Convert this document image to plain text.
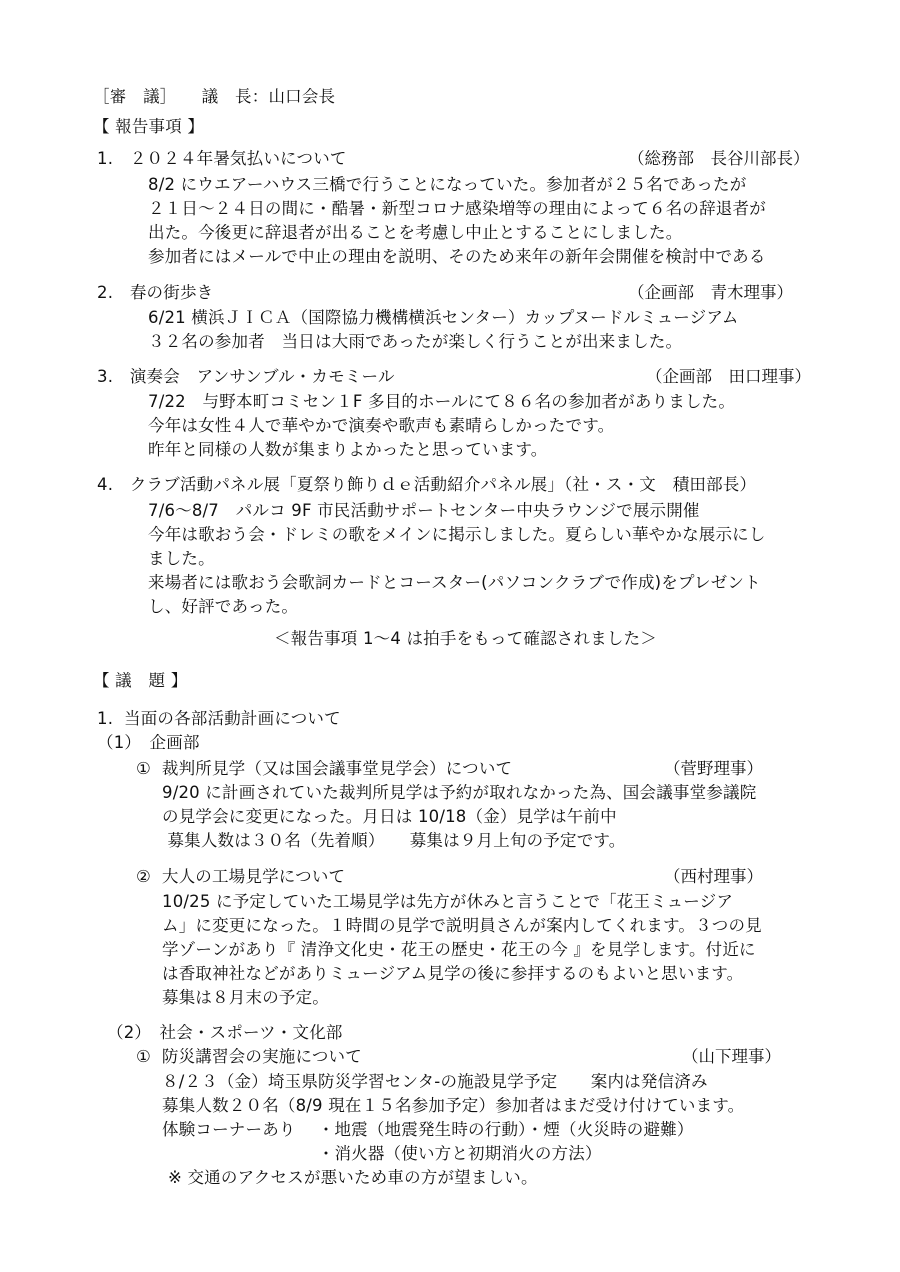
［審　議］　　議　長：山口会長
【 報告事項 】
1.　２０２４年暑気払いについて	（総務部　長谷川部長）
8/2 にウエアーハウス三橋で行うことになっていた。参加者が２５名であったが
２１日～２４日の間に・酷暑・新型コロナ感染増等の理由によって６名の辞退者が
出た。今後更に辞退者が出ることを考慮し中止とすることにしました。
参加者にはメールで中止の理由を説明、そのため来年の新年会開催を検討中である
2.　春の街歩き	（企画部　青木理事）
6/21 横浜ＪＩＣＡ（国際協力機構横浜センター）カップヌードルミュージアム
３２名の参加者　当日は大雨であったが楽しく行うことが出来ました。
3.　演奏会　アンサンブル・カモミール	（企画部　田口理事）
7/22　与野本町コミセン１F 多目的ホールにて８６名の参加者がありました。
今年は女性４人で華やかで演奏や歌声も素晴らしかったです。
昨年と同様の人数が集まりよかったと思っています。
4.　クラブ活動パネル展「夏祭り飾りｄｅ活動紹介パネル展」（社・ス・文　積田部長）
7/6～8/7　パルコ 9F 市民活動サポートセンター中央ラウンジで展示開催
今年は歌おう会・ドレミの歌をメインに掲示しました。夏らしい華やかな展示にし
ました。
来場者には歌おう会歌詞カードとコースター(パソコンクラブで作成)をプレゼント
し、好評であった。
＜報告事項 1～4 は拍手をもって確認されました＞
【 議　題 】
1.  当面の各部活動計画について
（1）　企画部
①  裁判所見学（又は国会議事堂見学会）について	（菅野理事）
9/20 に計画されていた裁判所見学は予約が取れなかった為、国会議事堂参議院
の見学会に変更になった。月日は 10/18（金）見学は午前中
募集人数は３０名（先着順）　　募集は９月上旬の予定です。
②  大人の工場見学について	（西村理事）
10/25 に予定していた工場見学は先方が休みと言うことで「花王ミュージア
ム」に変更になった。１時間の見学で説明員さんが案内してくれます。３つの見
学ゾーンがあり『 清浄文化史・花王の歴史・花王の今 』を見学します。付近に
は香取神社などがありミュージアム見学の後に参拝するのもよいと思います。
募集は８月末の予定。
（2）　社会・スポーツ・文化部
①  防災講習会の実施について	（山下理事）
８/２３（金）埼玉県防災学習センタ-の施設見学予定　　案内は発信済み
募集人数２０名（8/9 現在１５名参加予定）参加者はまだ受け付けています。
体験コーナーあり　 ・地震（地震発生時の行動）・煙（火災時の避難）
　　　　　　　　　 ・消火器（使い方と初期消火の方法）
※ 交通のアクセスが悪いため車の方が望ましい。
